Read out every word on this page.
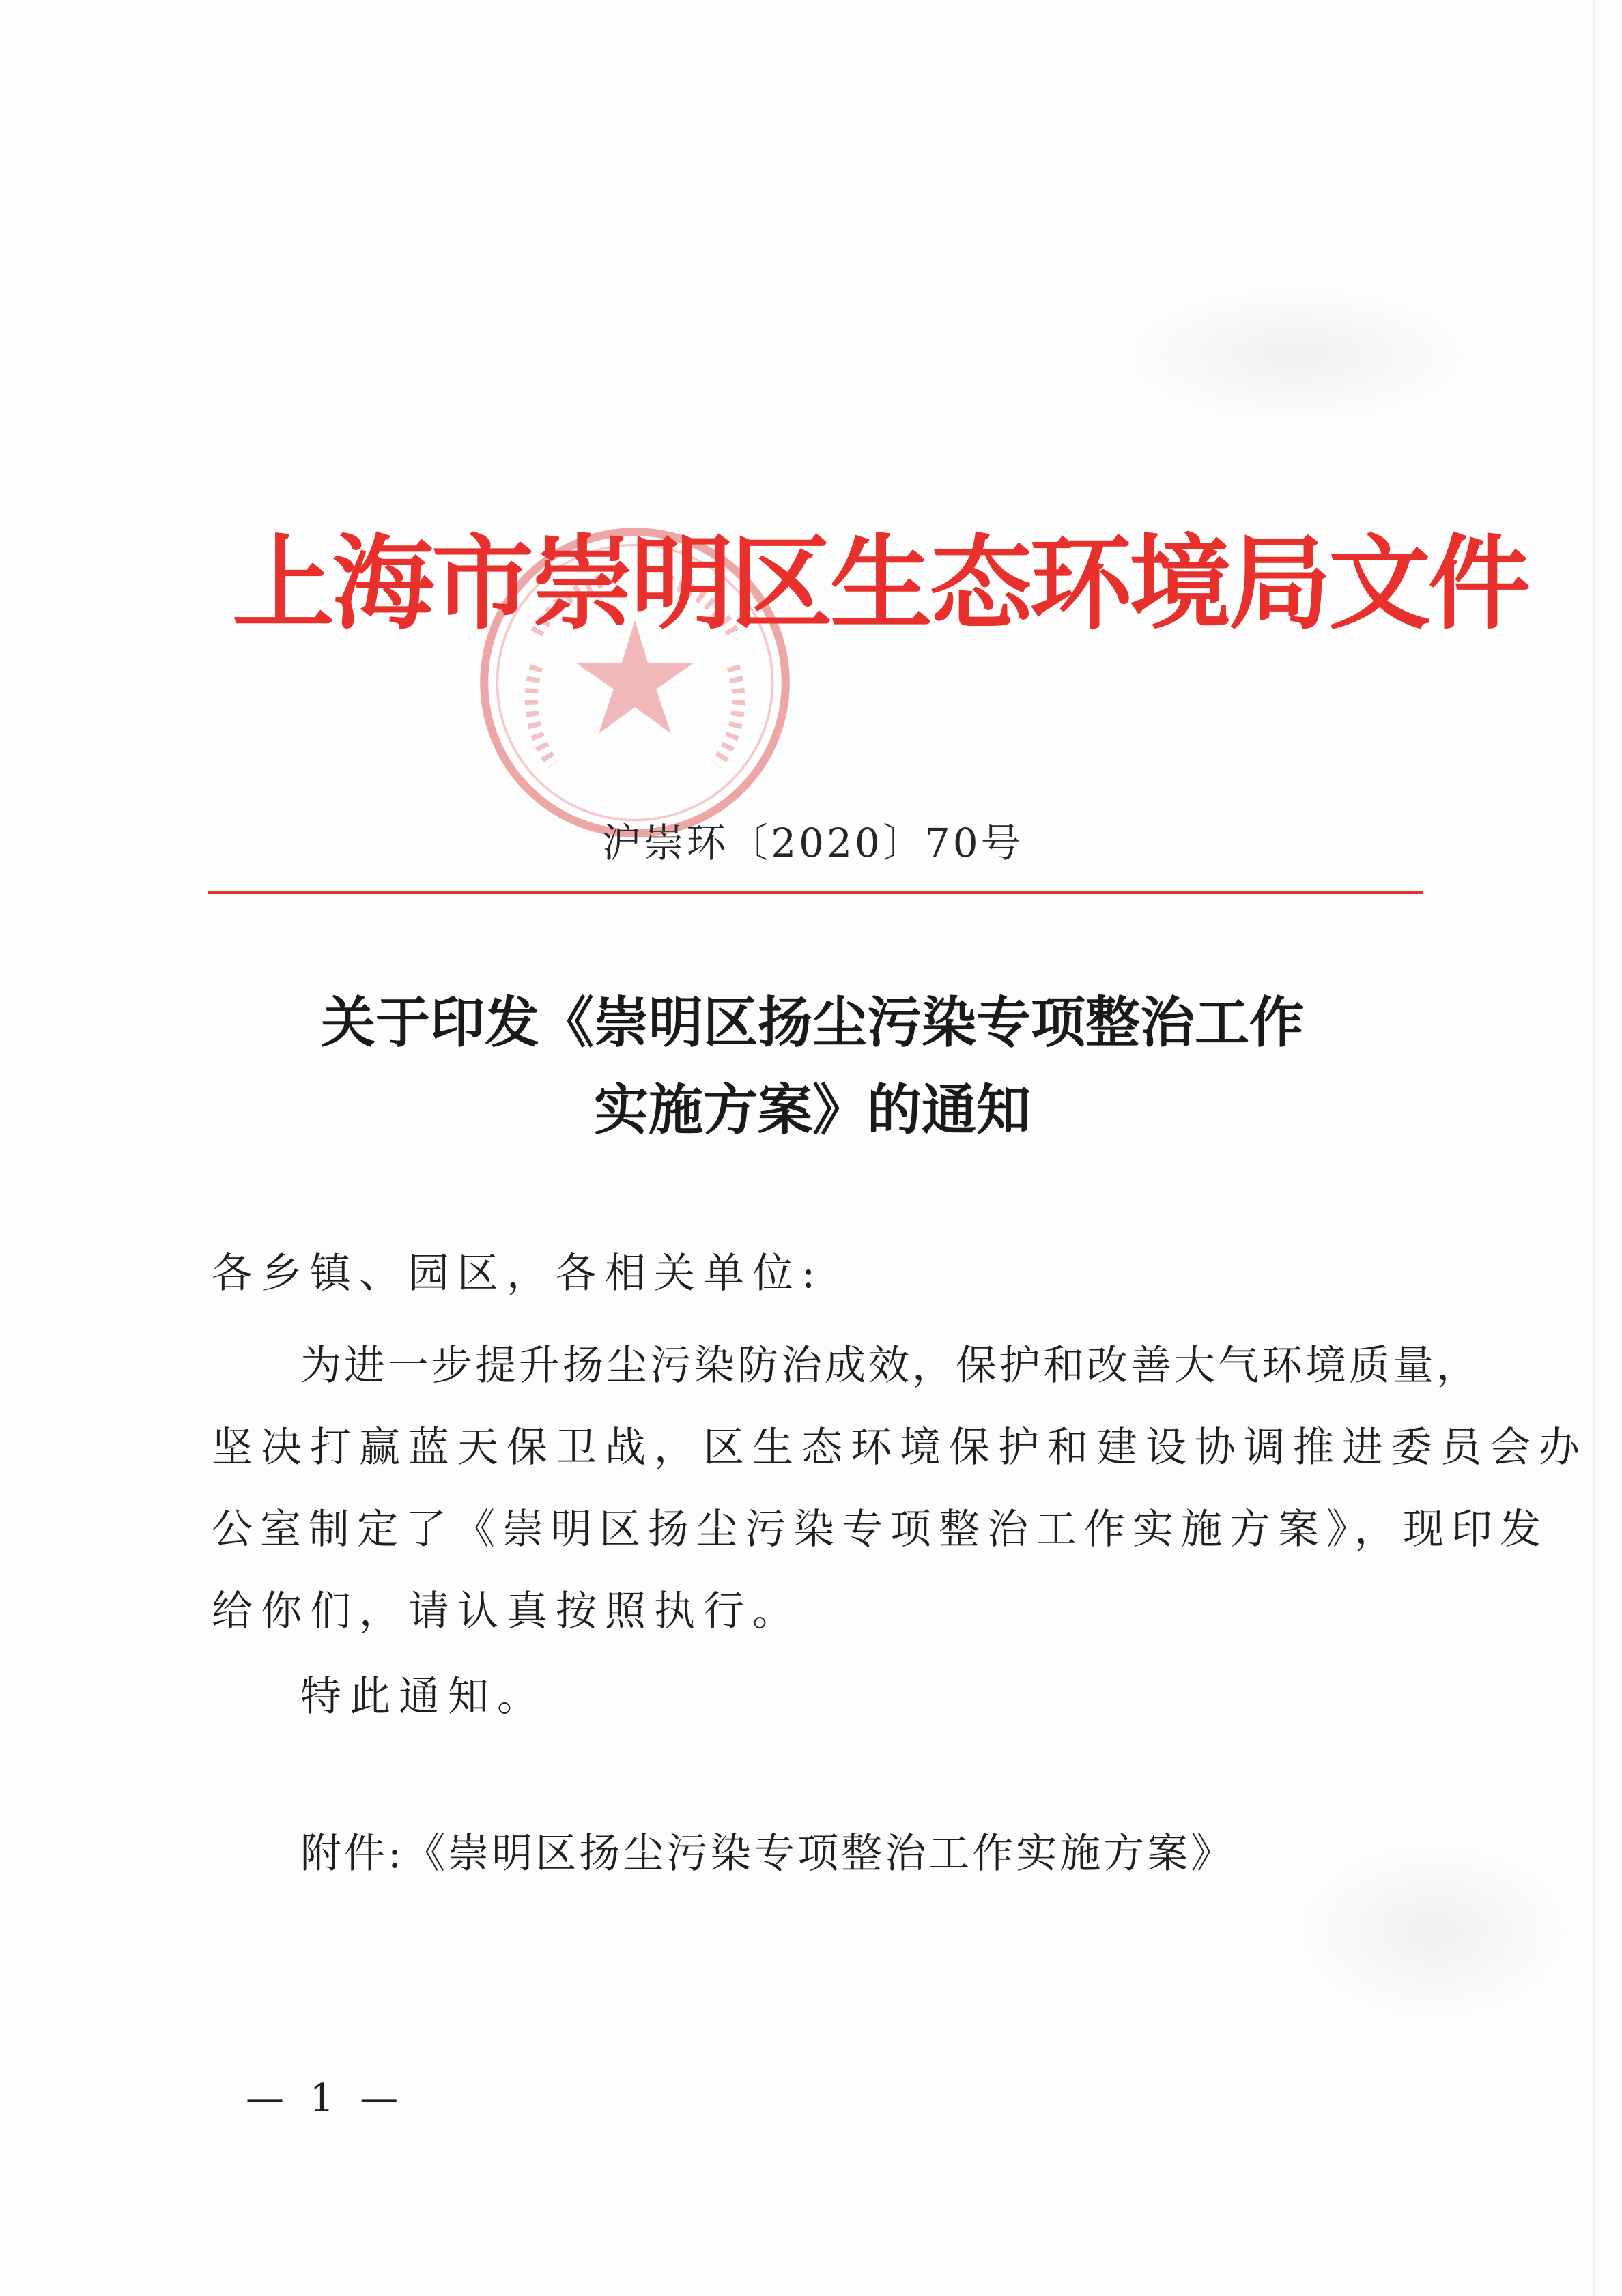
上海市崇明区生态环境局文件
沪崇环〔2020〕70号
关于印发《崇明区扬尘污染专项整治工作
实施方案》的通知
各乡镇、园区，各相关单位:
为进一步提升扬尘污染防治成效，保护和改善大气环境质量，
坚决打赢蓝天保卫战，区生态环境保护和建设协调推进委员会办
公室制定了《崇明区扬尘污染专项整治工作实施方案》，现印发
给你们，请认真按照执行。
特此通知。
附件:《崇明区扬尘污染专项整治工作实施方案》
— 1 —
